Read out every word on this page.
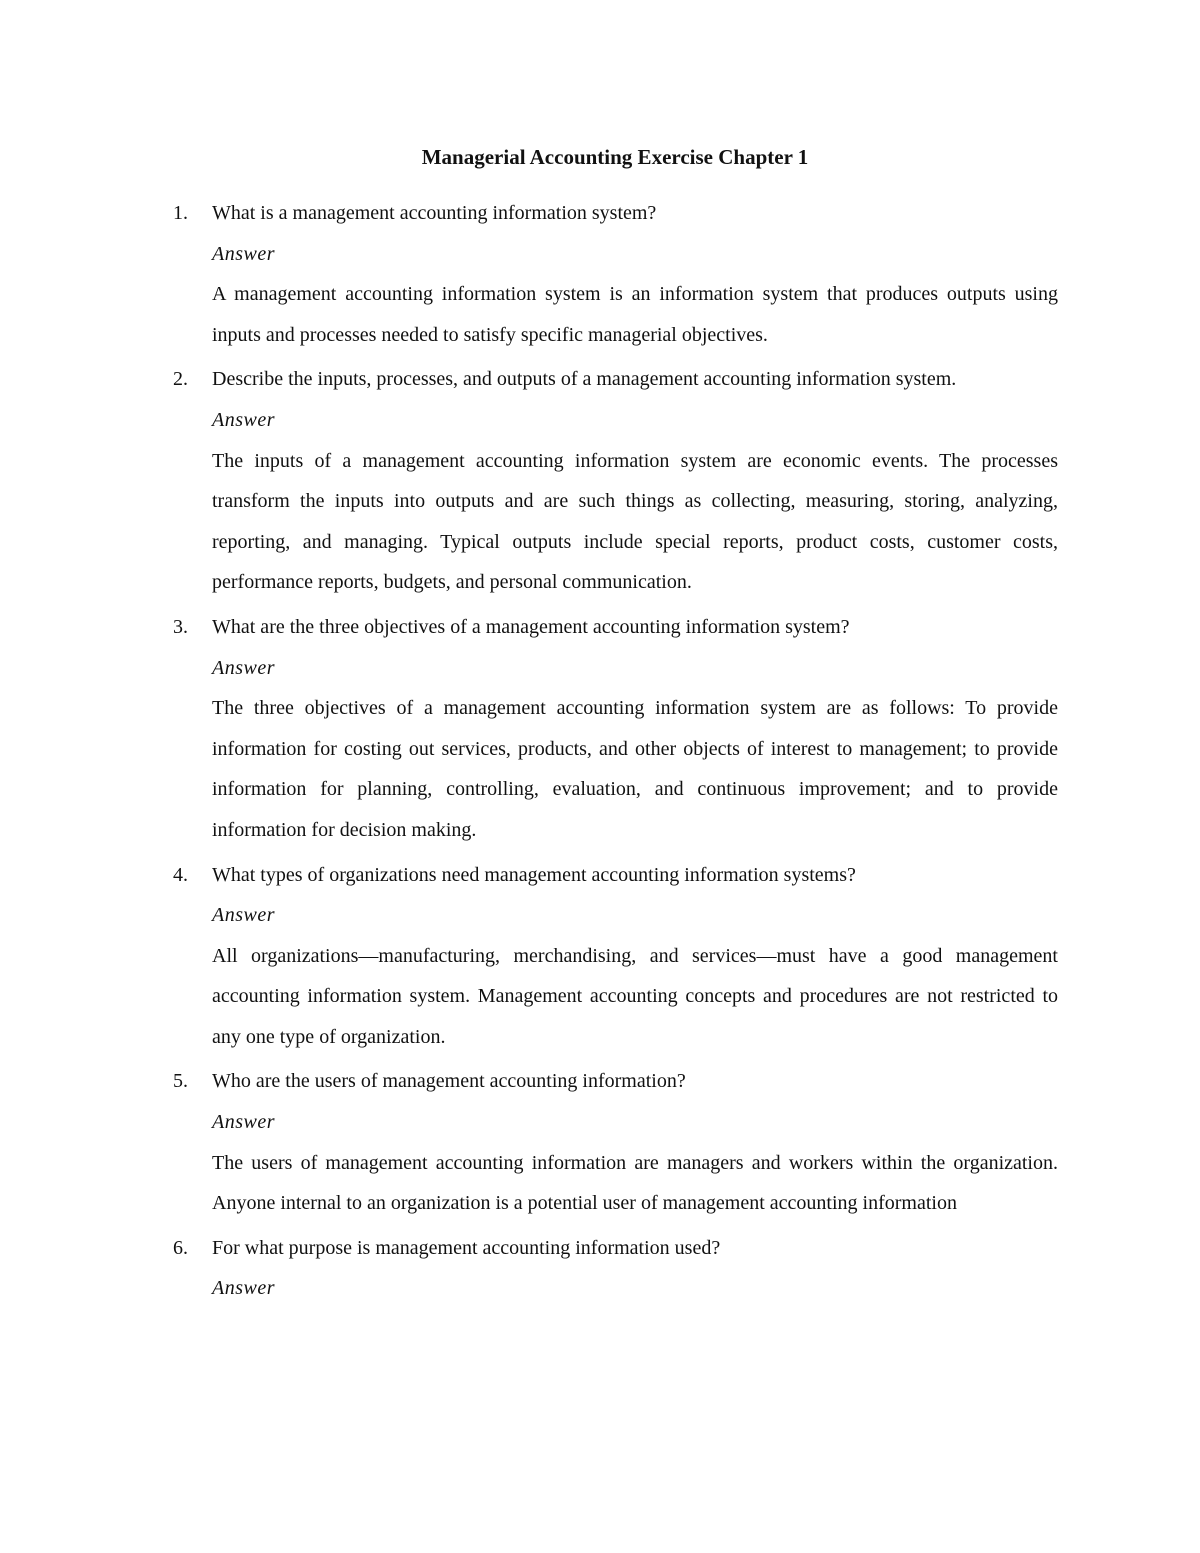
Managerial Accounting Exercise Chapter 1
1. What is a management accounting information system?

Answer

A management accounting information system is an information system that produces outputs using inputs and processes needed to satisfy specific managerial objectives.

2. Describe the inputs, processes, and outputs of a management accounting information system.

Answer

The inputs of a management accounting information system are economic events. The processes transform the inputs into outputs and are such things as collecting, measuring, storing, analyzing, reporting, and managing. Typical outputs include special reports, product costs, customer costs, performance reports, budgets, and personal communication.

3. What are the three objectives of a management accounting information system?

Answer

The three objectives of a management accounting information system are as follows: To provide information for costing out services, products, and other objects of interest to management; to provide information for planning, controlling, evaluation, and continuous improvement; and to provide information for decision making.

4. What types of organizations need management accounting information systems?

Answer

All organizations—manufacturing, merchandising, and services—must have a good management accounting information system. Management accounting concepts and procedures are not restricted to any one type of organization.

5. Who are the users of management accounting information?

Answer

The users of management accounting information are managers and workers within the organization. Anyone internal to an organization is a potential user of management accounting information

6. For what purpose is management accounting information used?

Answer
